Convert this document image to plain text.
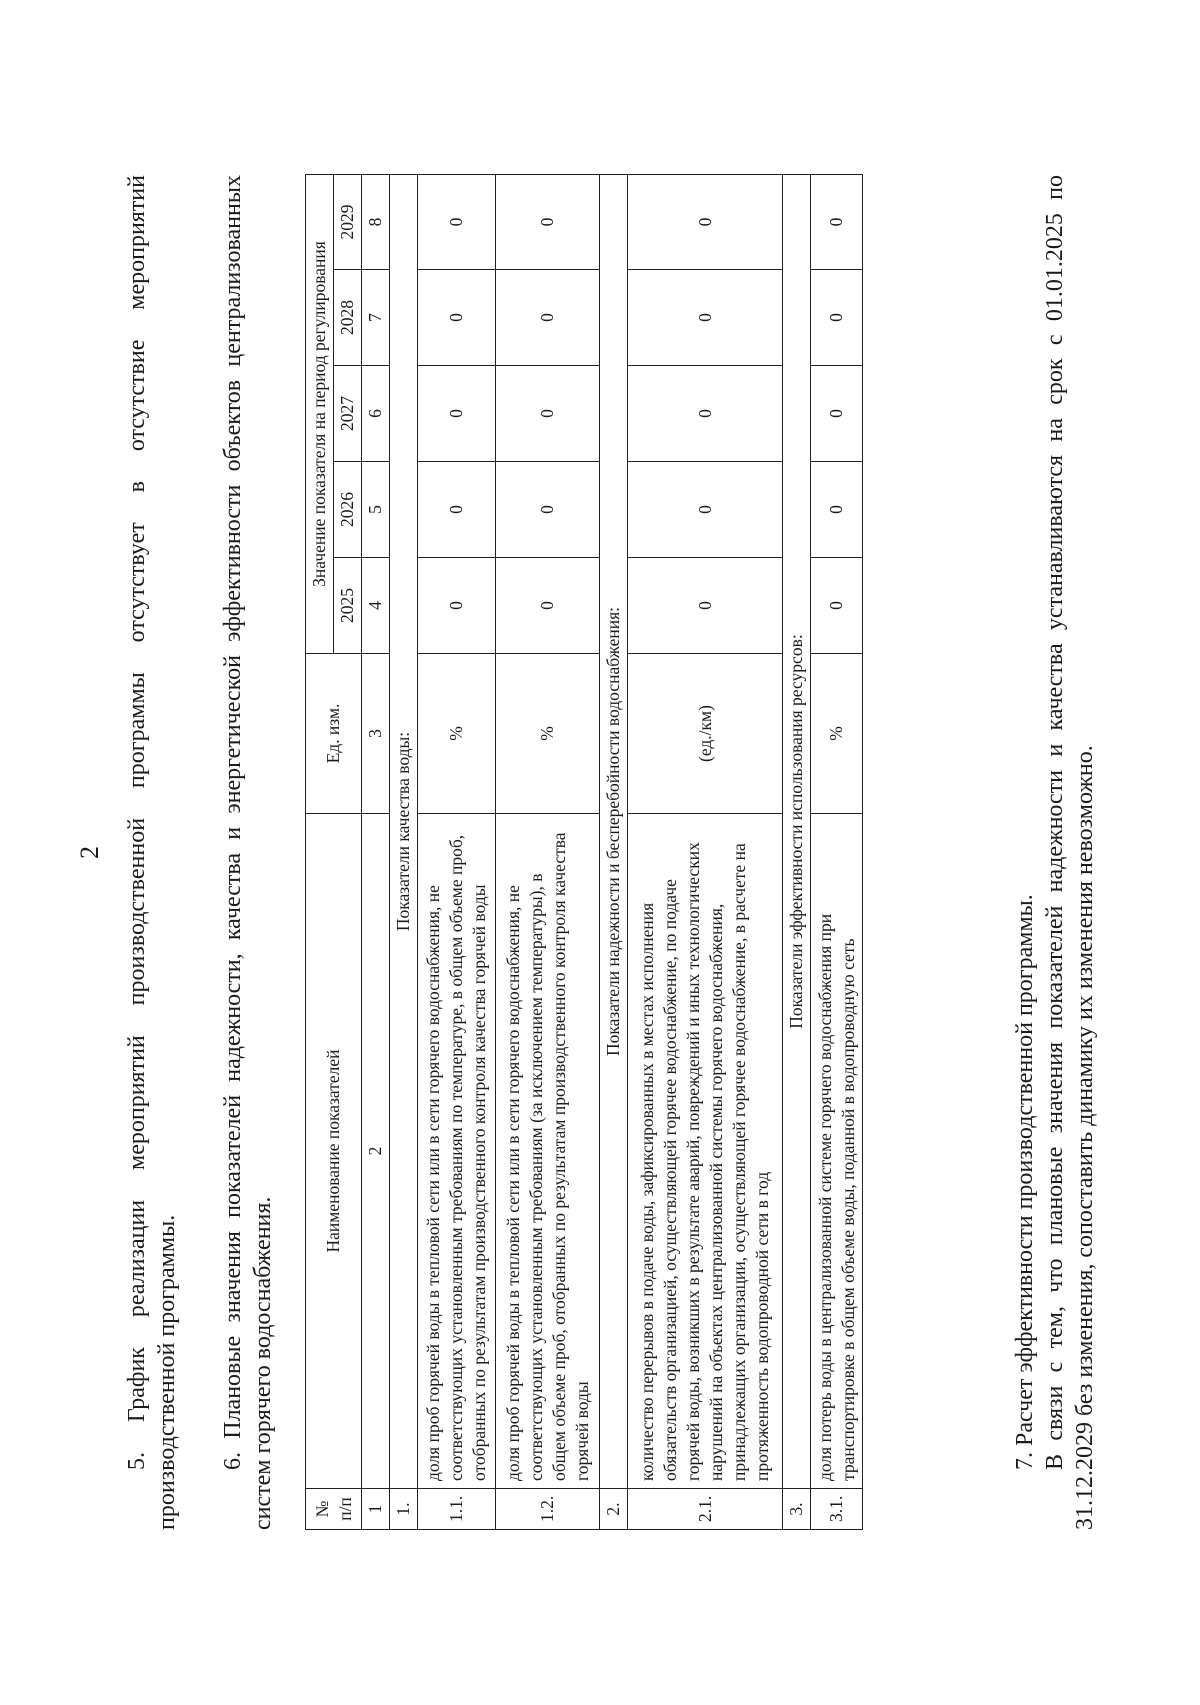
2 5. График реализации мероприятий производственной программы отсутствует в отсутствие мероприятий производственной программы. 6. Плановые значения показателей надежности, качества и энергетической эффективности объектов централизованных систем горячего водоснабжения. № п/п	Наименование показателей	Ед. изм.	Значение показателя на период регулирования				
			2025	2026	2027	2028	2029
1	2	3	4	5	6	7	8
1.	Показатели качества воды:						
1.1.	доля проб горячей воды в тепловой сети или в сети горячего водоснабжения, не соответствующих установленным требованиям по температуре, в общем объеме проб, отобранных по результатам производственного контроля качества горячей воды	%	0	0	0	0	0
1.2.	доля проб горячей воды в тепловой сети или в сети горячего водоснабжения, не соответствующих установленным требованиям (за исключением температуры), в общем объеме проб, отобранных по результатам производственного контроля качества горячей воды	%	0	0	0	0	0
2.	Показатели надежности и бесперебойности водоснабжения:						
2.1.	количество перерывов в подаче воды, зафиксированных в местах исполнения обязательств организацией, осуществляющей горячее водоснабжение, по подаче горячей воды, возникших в результате аварий, повреждений и иных технологических нарушений на объектах централизованной системы горячего водоснабжения, принадлежащих организации, осуществляющей горячее водоснабжение, в расчете на протяженность водопроводной сети в год	(ед./км)	0	0	0	0	0
3.	Показатели эффективности использования ресурсов:						
3.1.	доля потерь воды в централизованной системе горячего водоснабжения при транспортировке в общем объеме воды, поданной в водопроводную сеть	%	0	0	0	0	0

7. Расчет эффективности производственной программы. В связи с тем, что плановые значения показателей надежности и качества устанавливаются на срок с 01.01.2025 по 31.12.2029 без изменения, сопоставить динамику их изменения невозможно.
